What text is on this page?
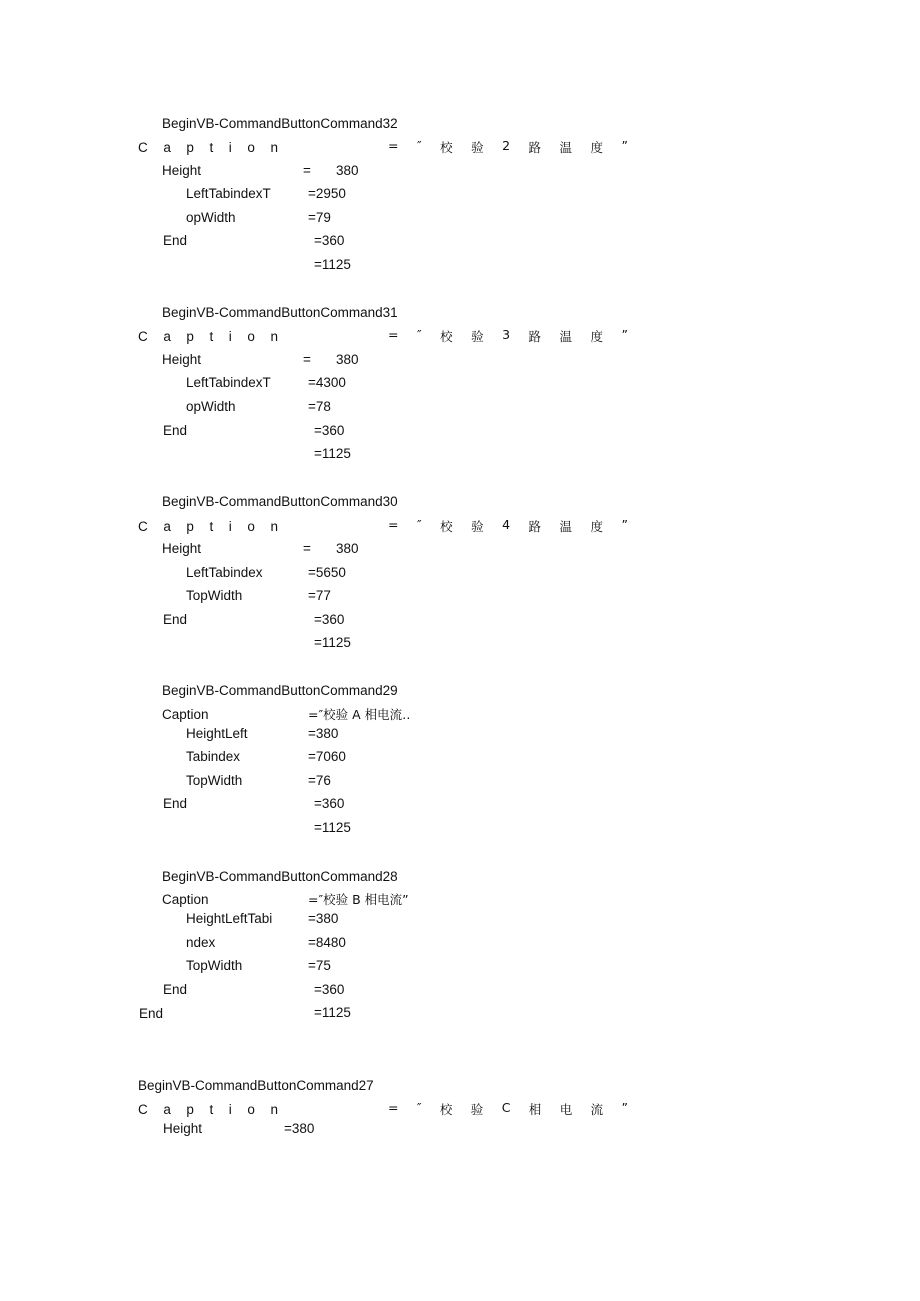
BeginVB-CommandButtonCommand32
C a p t i o n	= ″ 校 验 2 路 温 度 ”
Height	= 380
LeftTabindexT	=2950
opWidth	=79
End	=360
=1125
BeginVB-CommandButtonCommand31
C a p t i o n	= ″ 校 验 3 路 温 度 ”
Height	= 380
LeftTabindexT	=4300
opWidth	=78
End	=360
=1125
BeginVB-CommandButtonCommand30
C a p t i o n	= ″ 校 验 4 路 温 度 ”
Height	= 380
LeftTabindex	=5650
TopWidth	=77
End	=360
=1125
BeginVB-CommandButtonCommand29
Caption	=″校验 A 相电流‥
HeightLeft	=380
Tabindex	=7060
TopWidth	=76
End	=360
=1125
BeginVB-CommandButtonCommand28
Caption	=″校验 B 相电流”
HeightLeftTabi	=380
ndex	=8480
TopWidth	=75
End	=360
End	=1125
BeginVB-CommandButtonCommand27
C a p t i o n	= ″ 校 验 C 相 电 流 ”
Height	=380
